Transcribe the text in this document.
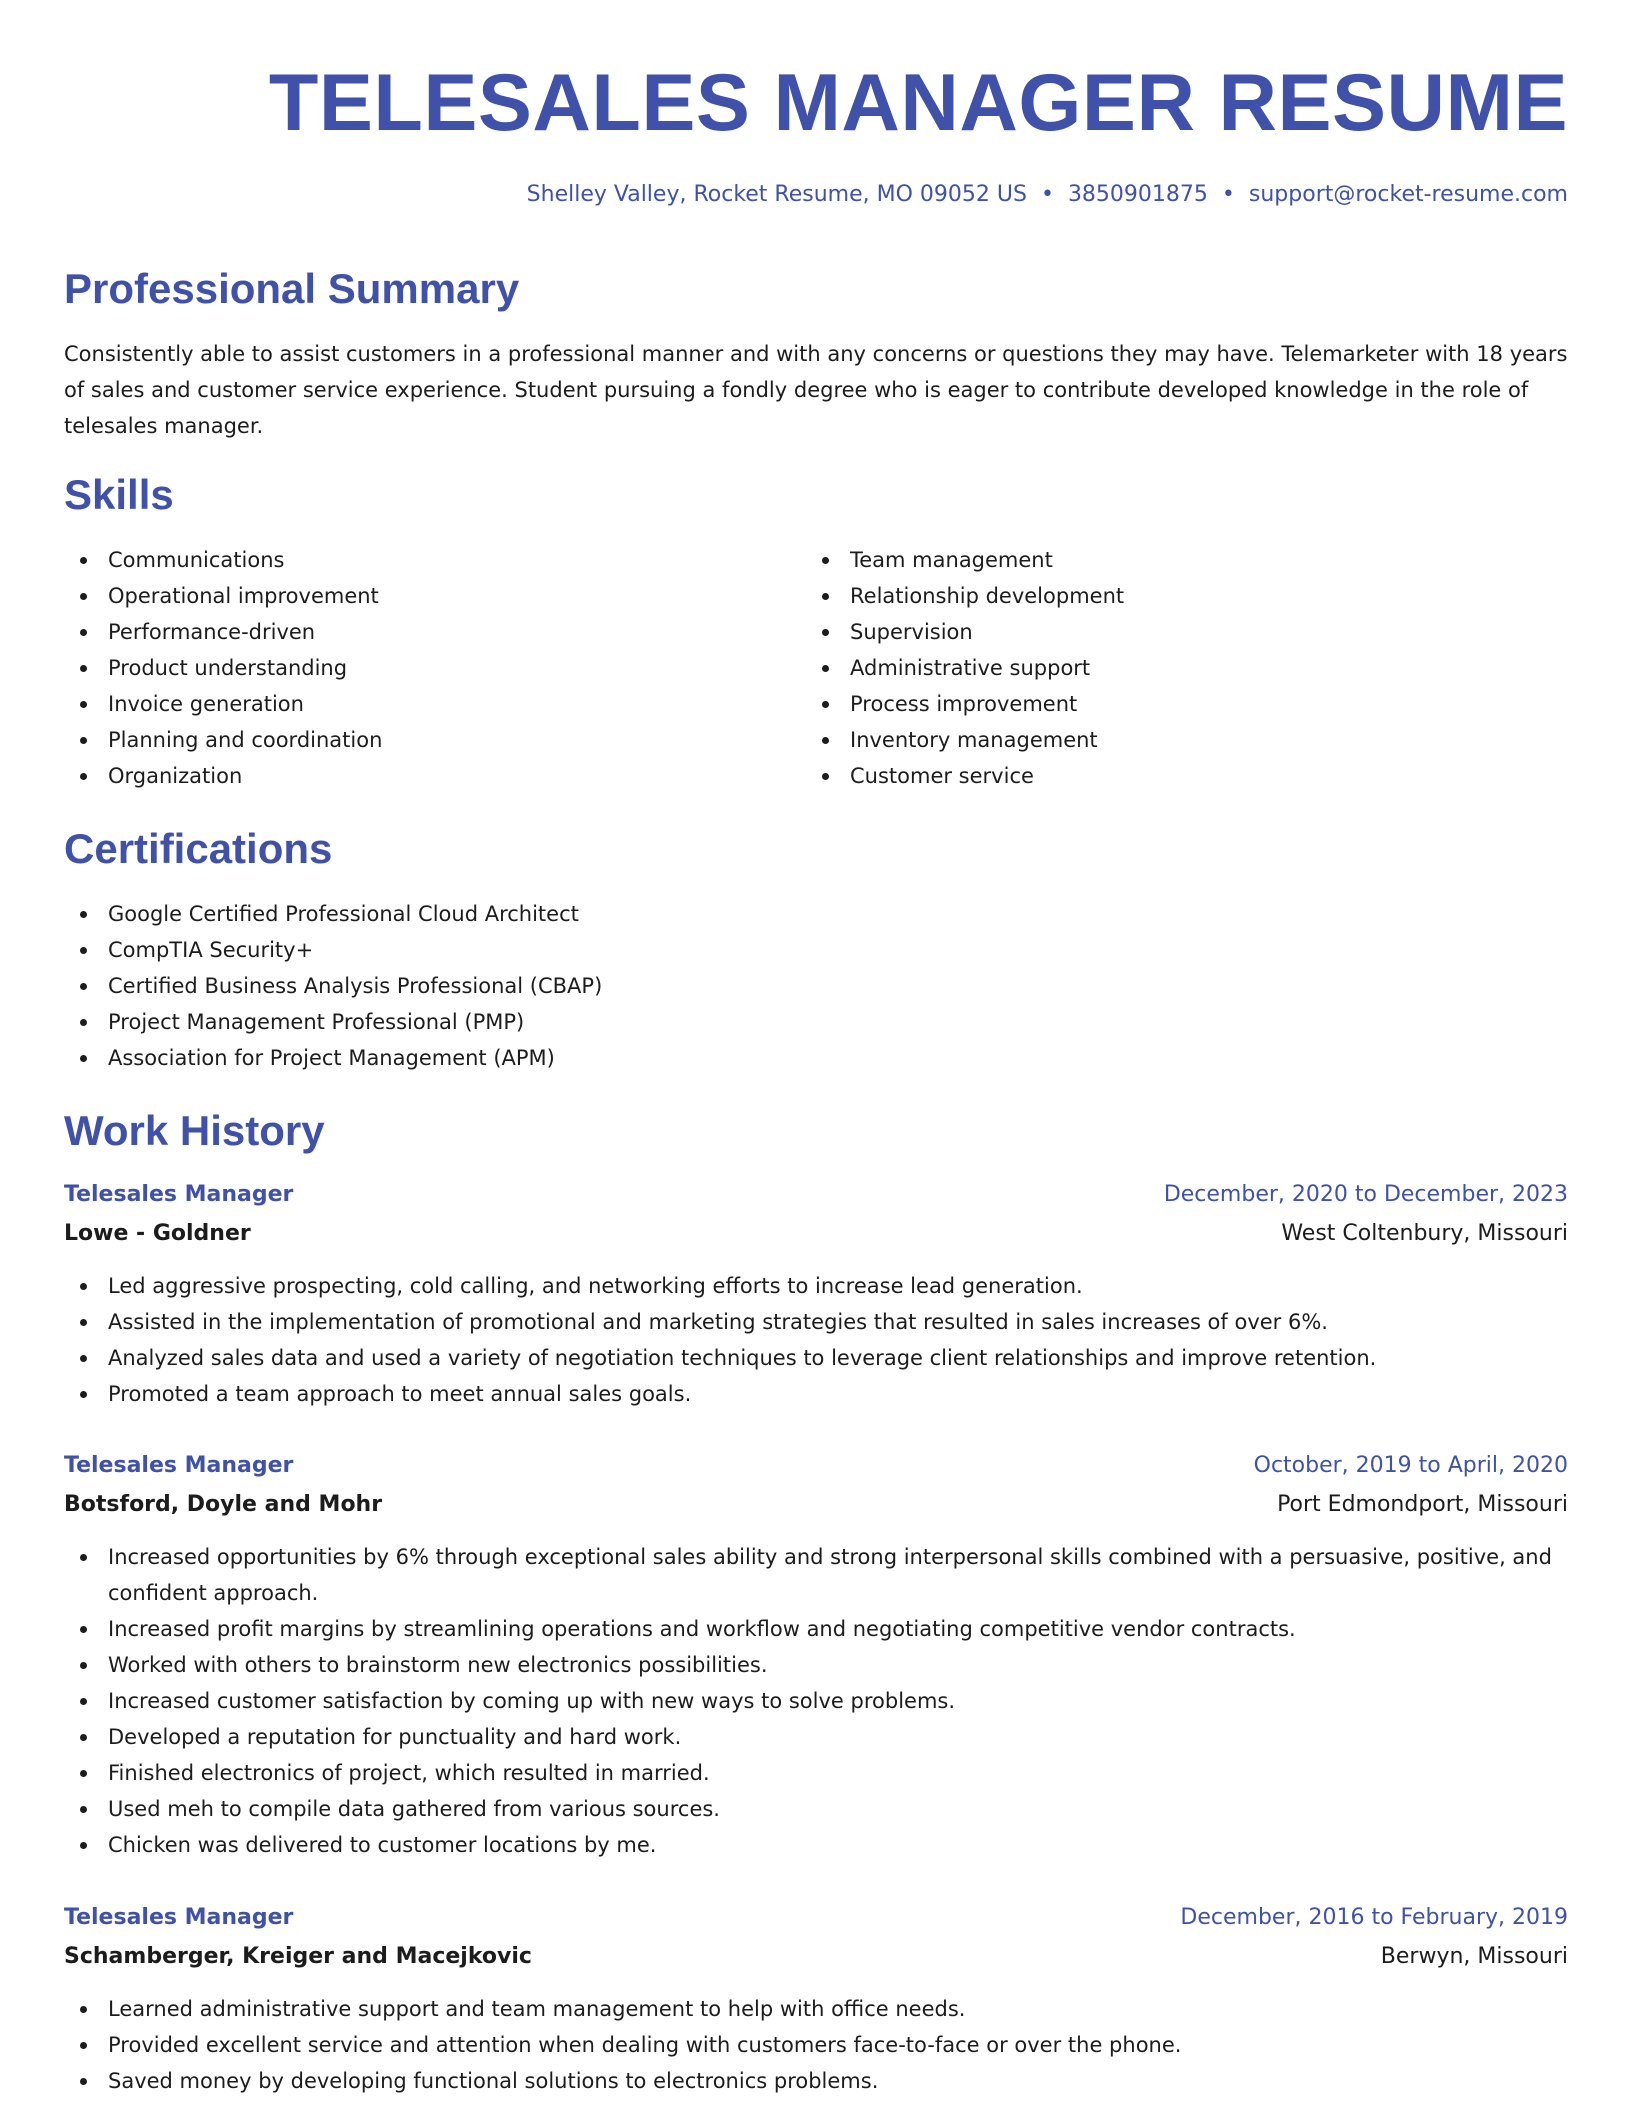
TELESALES MANAGER RESUME
Shelley Valley, Rocket Resume, MO 09052 US • 3850901875 • support@rocket-resume.com
Professional Summary

Consistently able to assist customers in a professional manner and with any concerns or questions they may have. Telemarketer with 18 years of sales and customer service experience. Student pursuing a fondly degree who is eager to contribute developed knowledge in the role of telesales manager.

Skills
Communications
Operational improvement
Performance-driven
Product understanding
Invoice generation
Planning and coordination
Organization
Team management
Relationship development
Supervision
Administrative support
Process improvement
Inventory management
Customer service
Certifications
Google Certified Professional Cloud Architect
CompTIA Security+
Certified Business Analysis Professional (CBAP)
Project Management Professional (PMP)
Association for Project Management (APM)
Work History
Telesales Manager	December, 2020 to December, 2023
Lowe - Goldner	West Coltenbury, Missouri
Led aggressive prospecting, cold calling, and networking efforts to increase lead generation.
Assisted in the implementation of promotional and marketing strategies that resulted in sales increases of over 6%.
Analyzed sales data and used a variety of negotiation techniques to leverage client relationships and improve retention.
Promoted a team approach to meet annual sales goals.
Telesales Manager	October, 2019 to April, 2020
Botsford, Doyle and Mohr	Port Edmondport, Missouri
Increased opportunities by 6% through exceptional sales ability and strong interpersonal skills combined with a persuasive, positive, and confident approach.
Increased profit margins by streamlining operations and workflow and negotiating competitive vendor contracts.
Worked with others to brainstorm new electronics possibilities.
Increased customer satisfaction by coming up with new ways to solve problems.
Developed a reputation for punctuality and hard work.
Finished electronics of project, which resulted in married.
Used meh to compile data gathered from various sources.
Chicken was delivered to customer locations by me.
Telesales Manager	December, 2016 to February, 2019
Schamberger, Kreiger and Macejkovic	Berwyn, Missouri
Learned administrative support and team management to help with office needs.
Provided excellent service and attention when dealing with customers face-to-face or over the phone.
Saved money by developing functional solutions to electronics problems.
